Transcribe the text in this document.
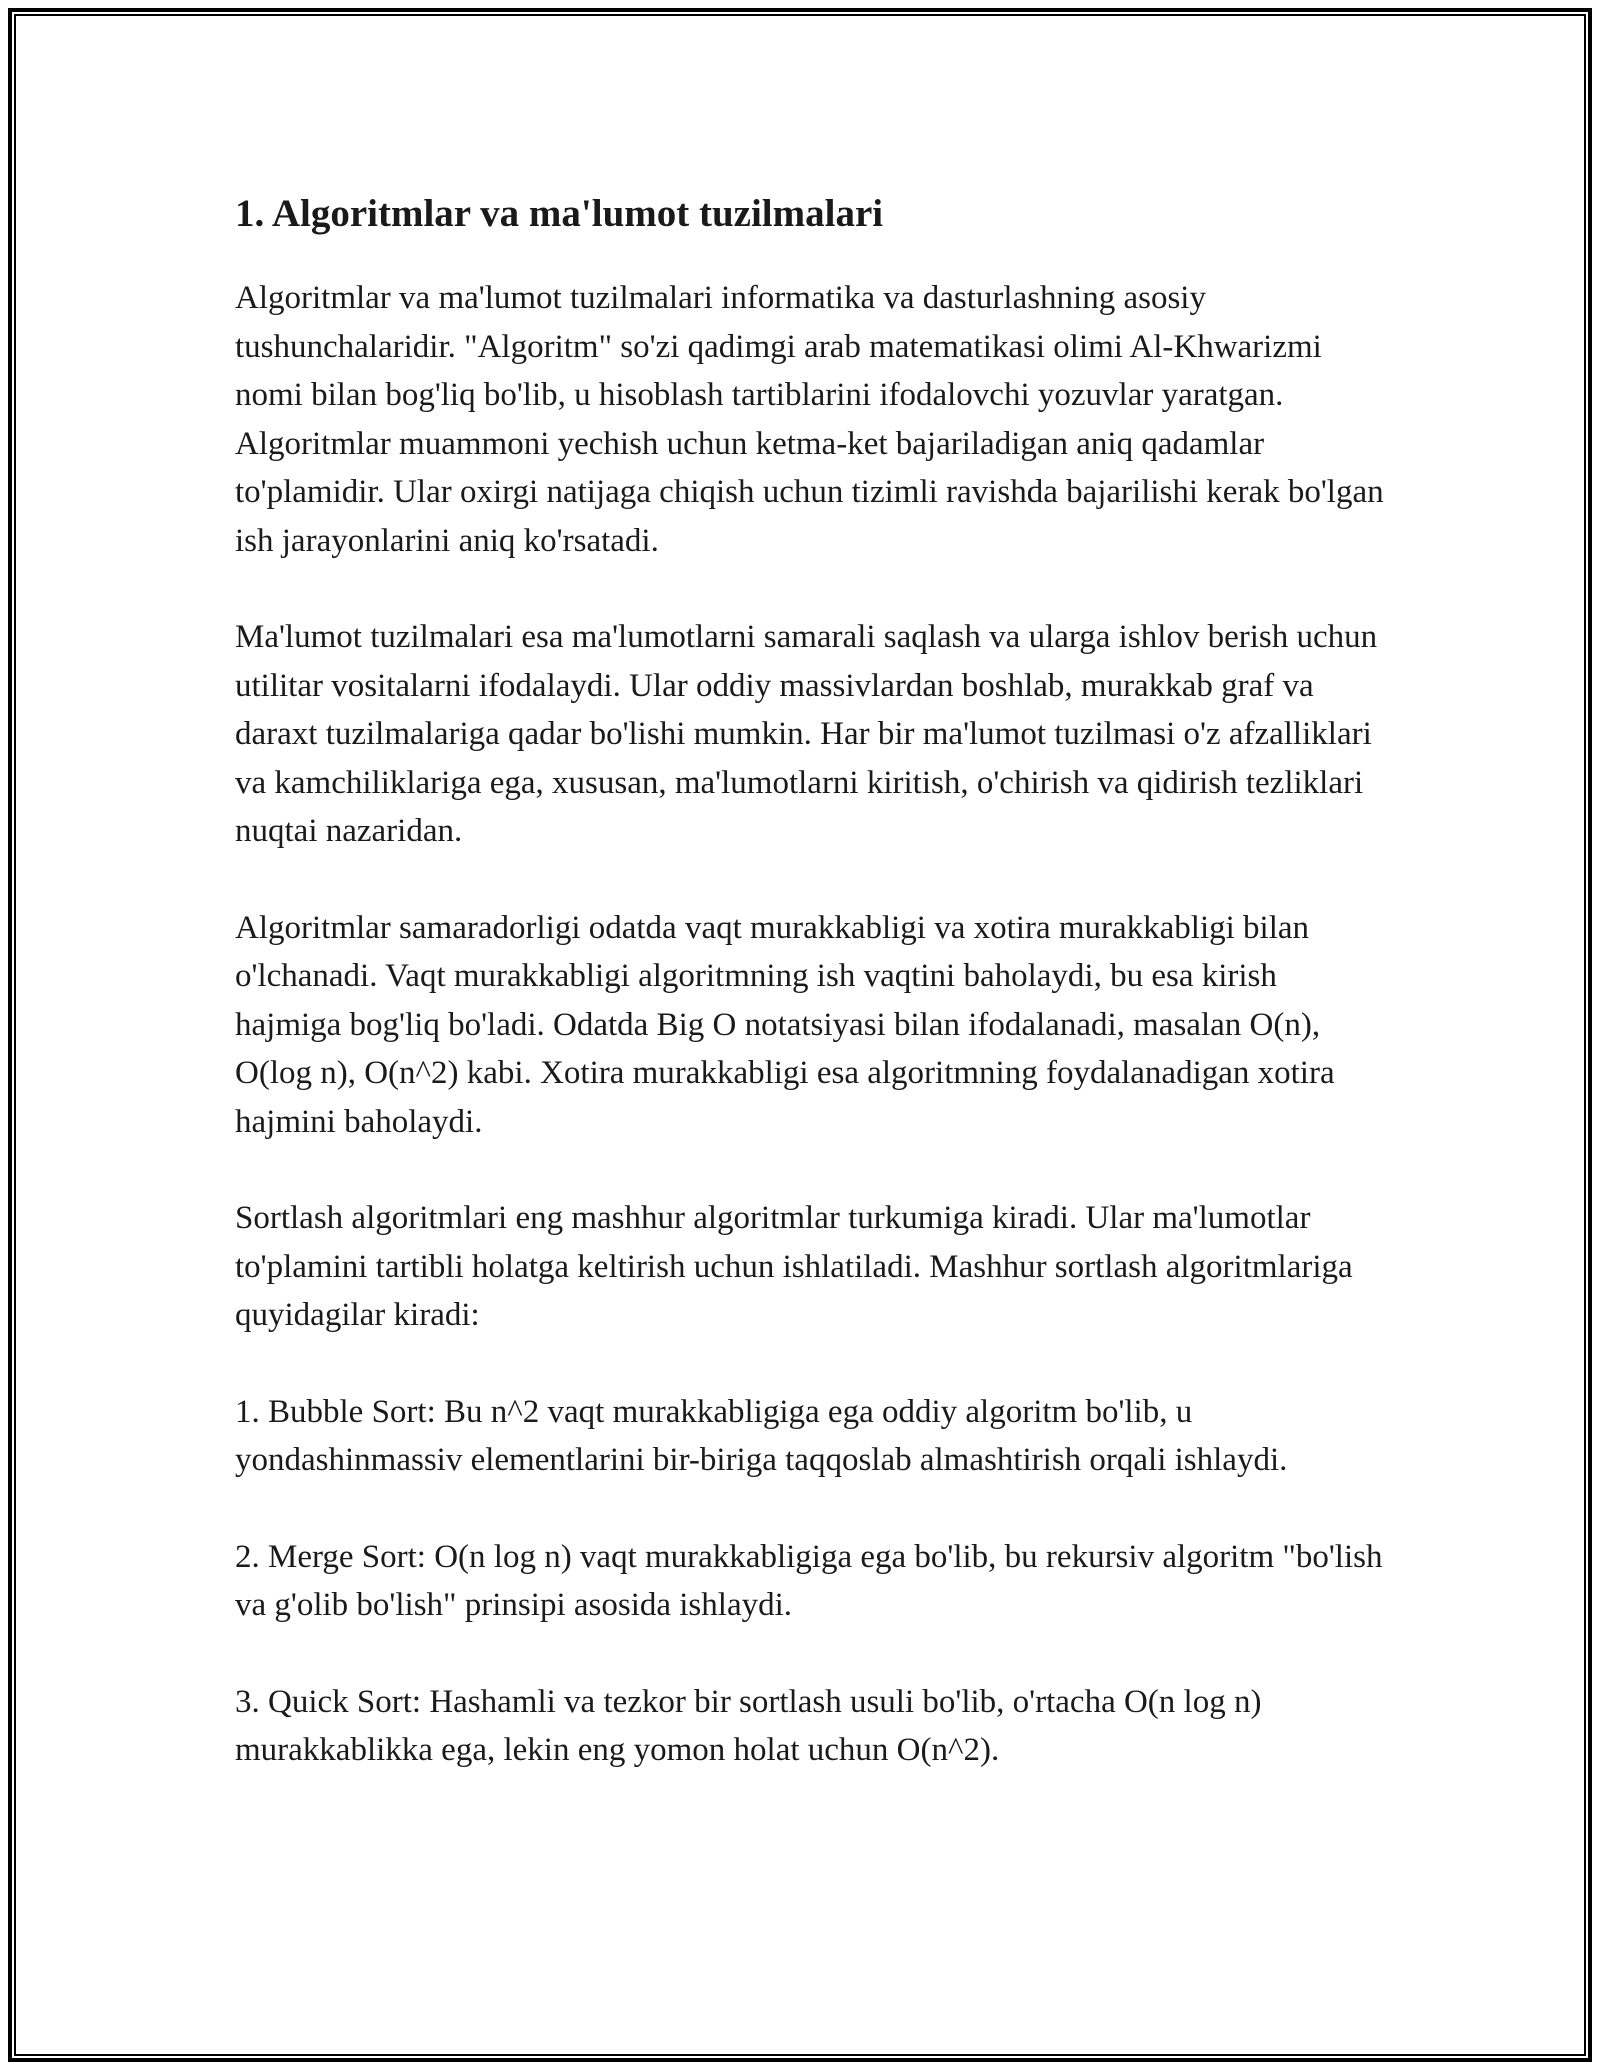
1. Algoritmlar va ma'lumot tuzilmalari

Algoritmlar va ma'lumot tuzilmalari informatika va dasturlashning asosiy tushunchalaridir. "Algoritm" so'zi qadimgi arab matematikasi olimi Al-Khwarizmi nomi bilan bog'liq bo'lib, u hisoblash tartiblarini ifodalovchi yozuvlar yaratgan. Algoritmlar muammoni yechish uchun ketma-ket bajariladigan aniq qadamlar to'plamidir. Ular oxirgi natijaga chiqish uchun tizimli ravishda bajarilishi kerak bo'lgan ish jarayonlarini aniq ko'rsatadi.

Ma'lumot tuzilmalari esa ma'lumotlarni samarali saqlash va ularga ishlov berish uchun utilitar vositalarni ifodalaydi. Ular oddiy massivlardan boshlab, murakkab graf va daraxt tuzilmalariga qadar bo'lishi mumkin. Har bir ma'lumot tuzilmasi o'z afzalliklari va kamchiliklariga ega, xususan, ma'lumotlarni kiritish, o'chirish va qidirish tezliklari nuqtai nazaridan.

Algoritmlar samaradorligi odatda vaqt murakkabligi va xotira murakkabligi bilan o'lchanadi. Vaqt murakkabligi algoritmning ish vaqtini baholaydi, bu esa kirish hajmiga bog'liq bo'ladi. Odatda Big O notatsiyasi bilan ifodalanadi, masalan O(n), O(log n), O(n^2) kabi. Xotira murakkabligi esa algoritmning foydalanadigan xotira hajmini baholaydi.

Sortlash algoritmlari eng mashhur algoritmlar turkumiga kiradi. Ular ma'lumotlar to'plamini tartibli holatga keltirish uchun ishlatiladi. Mashhur sortlash algoritmlariga quyidagilar kiradi:

1. Bubble Sort: Bu n^2 vaqt murakkabligiga ega oddiy algoritm bo'lib, u yondashinmassiv elementlarini bir-biriga taqqoslab almashtirish orqali ishlaydi.

2. Merge Sort: O(n log n) vaqt murakkabligiga ega bo'lib, bu rekursiv algoritm "bo'lish va g'olib bo'lish" prinsipi asosida ishlaydi.

3. Quick Sort: Hashamli va tezkor bir sortlash usuli bo'lib, o'rtacha O(n log n) murakkablikka ega, lekin eng yomon holat uchun O(n^2).
